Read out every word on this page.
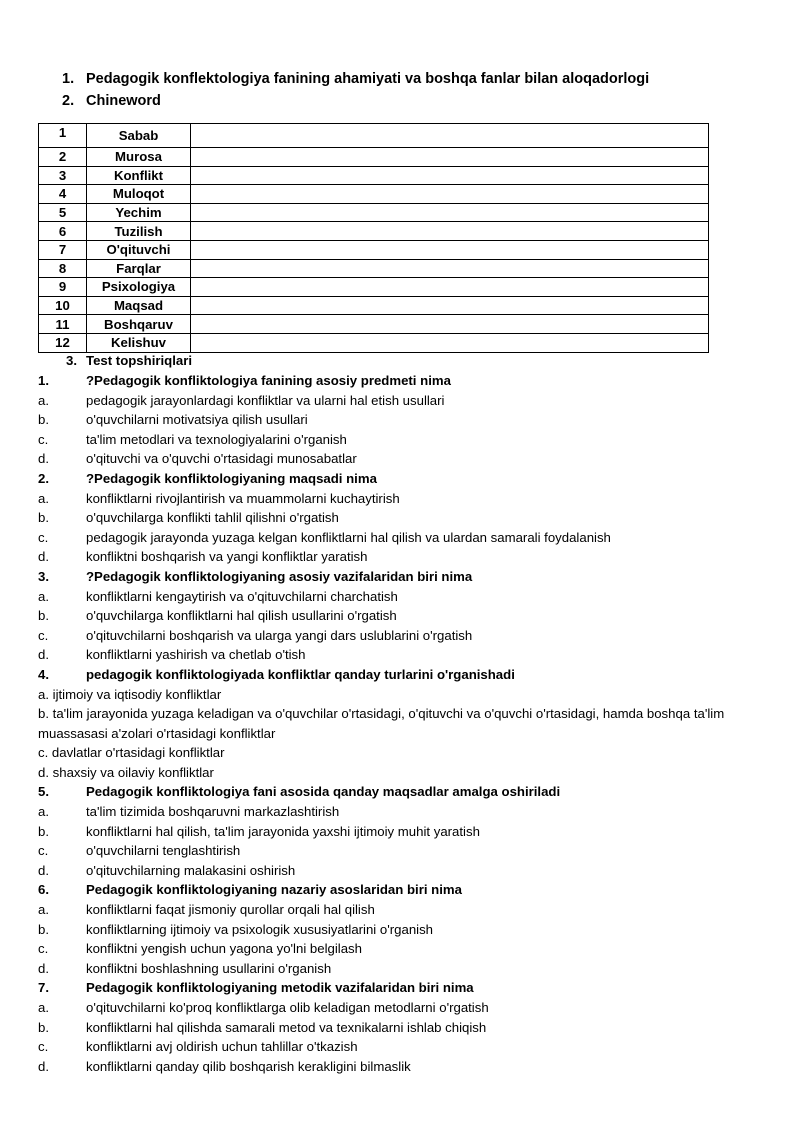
1. Pedagogik konflektologiya fanining ahamiyati va boshqa fanlar bilan aloqadorlogi
2. Chineword
1	Sabab	
2	Murosa	
3	Konflikt	
4	Muloqot	
5	Yechim	
6	Tuzilish	
7	O'qituvchi	
8	Farqlar	
9	Psixologiya	
10	Maqsad	
11	Boshqaruv	
12	Kelishuv	
3. Test topshiriqlari
1.	?Pedagogik konfliktologiya fanining asosiy predmeti nima
a.	pedagogik jarayonlardagi konfliktlar va ularni hal etish usullari
b.	o'quvchilarni motivatsiya qilish usullari
c.	ta'lim metodlari va texnologiyalarini o'rganish
d.	o'qituvchi va o'quvchi o'rtasidagi munosabatlar
2.	?Pedagogik konfliktologiyaning maqsadi nima
a.	konfliktlarni rivojlantirish va muammolarni kuchaytirish
b.	o'quvchilarga konflikti tahlil qilishni o'rgatish
c.	pedagogik jarayonda yuzaga kelgan konfliktlarni hal qilish va ulardan samarali foydalanish
d.	konfliktni boshqarish va yangi konfliktlar yaratish
3.	?Pedagogik konfliktologiyaning asosiy vazifalaridan biri nima
a.	konfliktlarni kengaytirish va o'qituvchilarni charchatish
b.	o'quvchilarga konfliktlarni hal qilish usullarini o'rgatish
c.	o'qituvchilarni boshqarish va ularga yangi dars uslublarini o'rgatish
d.	konfliktlarni yashirish va chetlab o'tish
4.	pedagogik konfliktologiyada konfliktlar qanday turlarini o'rganishadi
a. ijtimoiy va iqtisodiy konfliktlar
b. ta'lim jarayonida yuzaga keladigan va o'quvchilar o'rtasidagi, o'qituvchi va o'quvchi o'rtasidagi, hamda boshqa ta'lim muassasasi a'zolari o'rtasidagi konfliktlar
c. davlatlar o'rtasidagi konfliktlar
d. shaxsiy va oilaviy konfliktlar
5.	Pedagogik konfliktologiya fani asosida qanday maqsadlar amalga oshiriladi
a.	ta'lim tizimida boshqaruvni markazlashtirish
b.	konfliktlarni hal qilish, ta'lim jarayonida yaxshi ijtimoiy muhit yaratish
c.	o'quvchilarni tenglashtirish
d.	o'qituvchilarning malakasini oshirish
6.	Pedagogik konfliktologiyaning nazariy asoslaridan biri nima
a.	konfliktlarni faqat jismoniy qurollar orqali hal qilish
b.	konfliktlarning ijtimoiy va psixologik xususiyatlarini o'rganish
c.	konfliktni yengish uchun yagona yo'lni belgilash
d.	konfliktni boshlashning usullarini o'rganish
7.	Pedagogik konfliktologiyaning metodik vazifalaridan biri nima
a.	o'qituvchilarni ko'proq konfliktlarga olib keladigan metodlarni o'rgatish
b.	konfliktlarni hal qilishda samarali metod va texnikalarni ishlab chiqish
c.	konfliktlarni avj oldirish uchun tahlillar o'tkazish
d.	konfliktlarni qanday qilib boshqarish kerakligini bilmaslik
